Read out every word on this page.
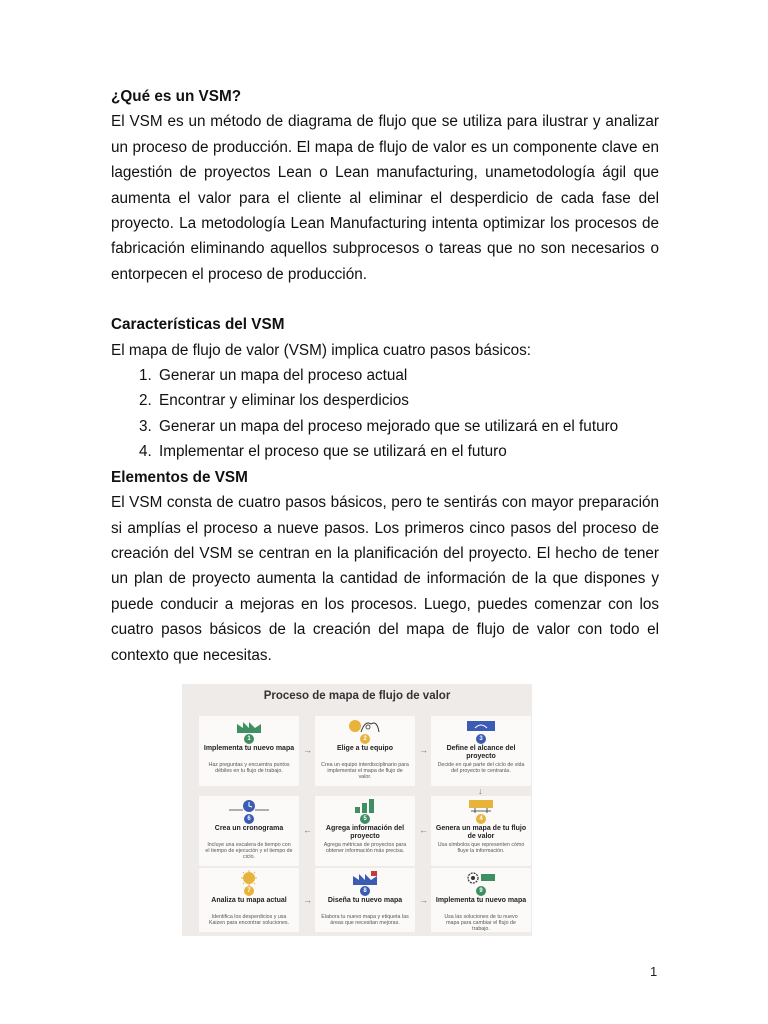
¿Qué es un VSM?

El VSM es un método de diagrama de flujo que se utiliza para ilustrar y analizar un proceso de producción. El mapa de flujo de valor es un componente clave en lagestión de proyectos Lean o Lean manufacturing, unametodología ágil que aumenta el valor para el cliente al eliminar el desperdicio de cada fase del proyecto. La metodología Lean Manufacturing intenta optimizar los procesos de fabricación eliminando aquellos subprocesos o tareas que no son necesarios o entorpecen el proceso de producción.

Características del VSM

El mapa de flujo de valor (VSM) implica cuatro pasos básicos:

1. Generar un mapa del proceso actual
2. Encontrar y eliminar los desperdicios
3. Generar un mapa del proceso mejorado que se utilizará en el futuro
4. Implementar el proceso que se utilizará en el futuro

Elementos de VSM

El VSM consta de cuatro pasos básicos, pero te sentirás con mayor preparación si amplías el proceso a nueve pasos. Los primeros cinco pasos del proceso de creación del VSM se centran en la planificación del proyecto. El hecho de tener un plan de proyecto aumenta la cantidad de información de la que dispones y puede conducir a mejoras en los procesos. Luego, puedes comenzar con los cuatro pasos básicos de la creación del mapa de flujo de valor con todo el contexto que necesitas.

Proceso de mapa de flujo de valor
1
Implementa tu nuevo mapa
Haz preguntas y encuentra puntos débiles en tu flujo de trabajo.
→
2
Elige a tu equipo
Crea un equipo interdisciplinario para implementar el mapa de flujo de valor.
→
3
Define el alcance del proyecto
Decide en qué parte del ciclo de vida del proyecto te centrarás.
↓
4
Genera un mapa de tu flujo de valor
Usa símbolos que representen cómo fluye la información.
←
5
Agrega información del proyecto
Agrega métricas de proyectos para obtener información más precisa.
←
6
Crea un cronograma
Incluye una escalera de tiempo con el tiempo de ejecución y el tiempo de ciclo.
7
Analiza tu mapa actual
Identifica los desperdicios y usa Kaizen para encontrar soluciones.
→
8
Diseña tu nuevo mapa
Elabora tu nuevo mapa y etiqueta las áreas que necesitan mejoras.
→
9
Implementa tu nuevo mapa
Usa las soluciones de tu nuevo mapa para cambiar el flujo de trabajo.
1
